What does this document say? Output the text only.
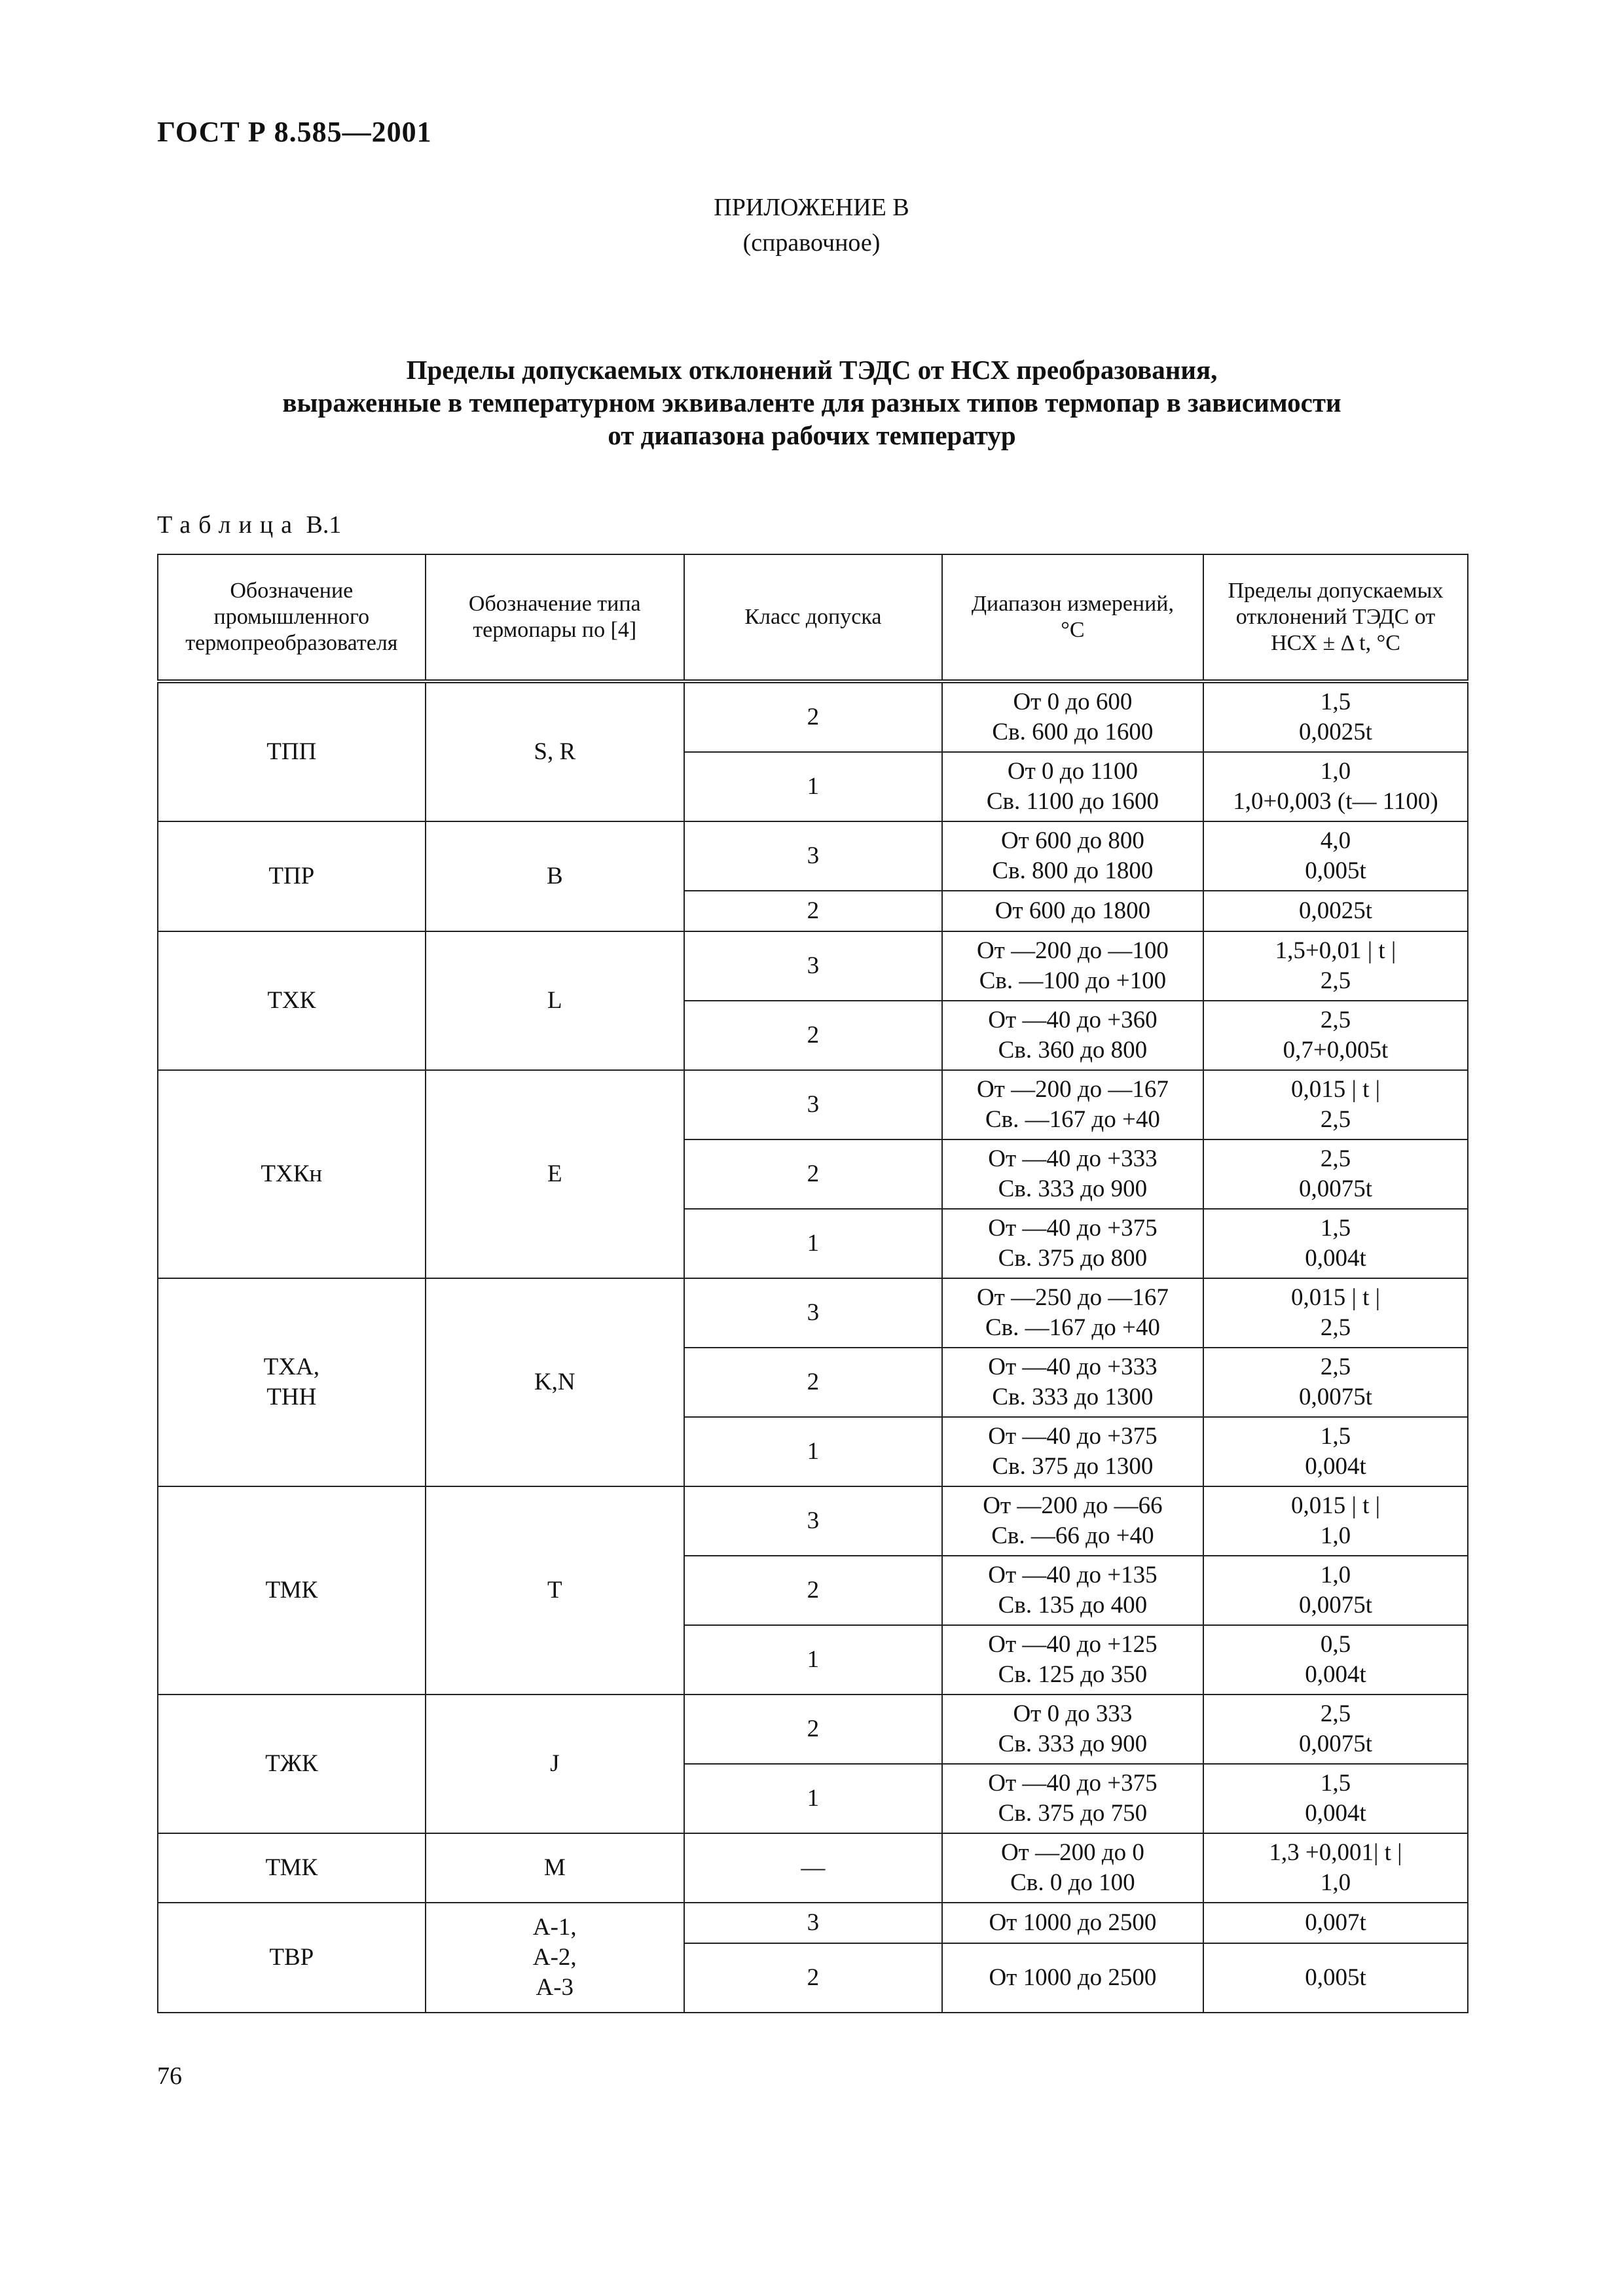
ГОСТ Р 8.585—2001
ПРИЛОЖЕНИЕ В
(справочное)
Пределы допускаемых отклонений ТЭДС от НСХ преобразования,
выраженные в температурном эквиваленте для разных типов термопар в зависимости
от диапазона рабочих температур
Таблица В.1
Обозначение
промышленного
термопреобразователя	Обозначение типа
термопары по [4]	Класс допуска	Диапазон измерений,
°С	Пределы допускаемых
отклонений ТЭДС от
НСХ ± Δ t, °С

ТПП	S, R	2	От 0 до 600
Св. 600 до 1600	1,5
0,0025t

		1	От 0 до 1100
Св. 1100 до 1600	1,0
1,0+0,003 (t— 1100)

ТПР	B	3	От 600 до 800
Св. 800 до 1800	4,0
0,005t

		2	От 600 до 1800	0,0025t

ТХК	L	3	От —200 до —100
Св. —100 до +100	1,5+0,01 | t |
2,5

		2	От —40 до +360
Св. 360 до 800	2,5
0,7+0,005t

ТХКн	E	3	От —200 до —167
Св. —167 до +40	0,015 | t |
2,5

		2	От —40 до +333
Св. 333 до 900	2,5
0,0075t

		1	От —40 до +375
Св. 375 до 800	1,5
0,004t

ТХА,
ТНН	K,N	3	От —250 до —167
Св. —167 до +40	0,015 | t |
2,5

		2	От —40 до +333
Св. 333 до 1300	2,5
0,0075t

		1	От —40 до +375
Св. 375 до 1300	1,5
0,004t

ТМК	T	3	От —200 до —66
Св. —66 до +40	0,015 | t |
1,0

		2	От —40 до +135
Св. 135 до 400	1,0
0,0075t

		1	От —40 до +125
Св. 125 до 350	0,5
0,004t

ТЖК	J	2	От 0 до 333
Св. 333 до 900	2,5
0,0075t

		1	От —40 до +375
Св. 375 до 750	1,5
0,004t

ТМК	M	—	От —200 до 0
Св. 0 до 100	1,3 +0,001| t |
1,0

ТВР	A-1,
A-2,
A-3	3	От 1000 до 2500	0,007t

		2	От 1000 до 2500	0,005t
76
